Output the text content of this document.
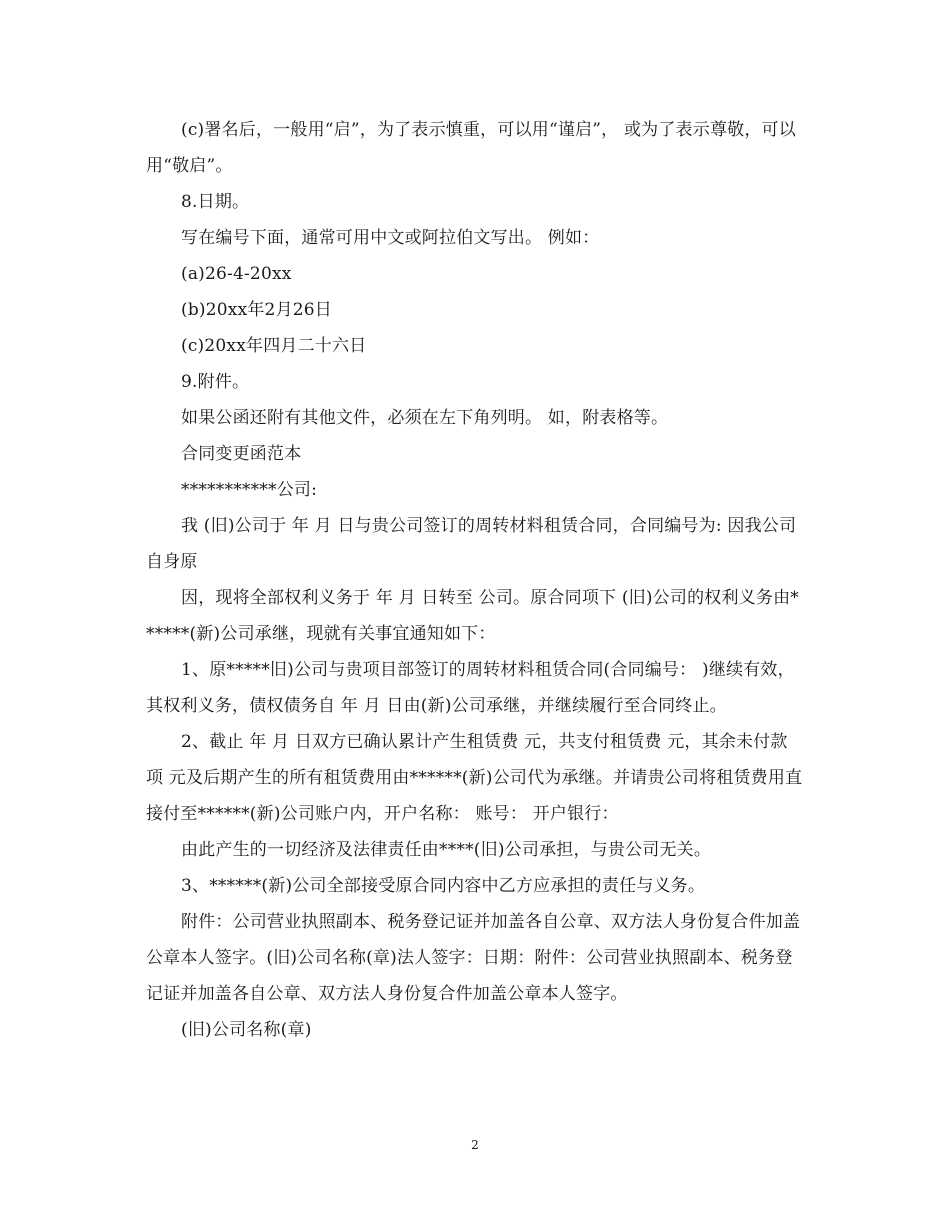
(c)署名后，一般用“启”，为了表示慎重，可以用“谨启”， 或为了表示尊敬，可以用“敬启”。

8.日期。

写在编号下面，通常可用中文或阿拉伯文写出。 例如：

(a)26-4-20xx

(b)20xx年2月26日

(c)20xx年四月二十六日

9.附件。

如果公函还附有其他文件，必须在左下角列明。 如，附表格等。

合同变更函范本

***********公司:

我 (旧)公司于 年 月 日与贵公司签订的周转材料租赁合同，合同编号为: 因我公司自身原

因，现将全部权利义务于 年 月 日转至 公司。原合同项下 (旧)公司的权利义务由******(新)公司承继，现就有关事宜通知如下：

1、原*****旧)公司与贵项目部签订的周转材料租赁合同(合同编号： )继续有效，其权利义务，债权债务自 年 月 日由(新)公司承继，并继续履行至合同终止。

2、截止 年 月 日双方已确认累计产生租赁费 元，共支付租赁费 元，其余未付款项 元及后期产生的所有租赁费用由******(新)公司代为承继。并请贵公司将租赁费用直接付至******(新)公司账户内，开户名称： 账号： 开户银行：

由此产生的一切经济及法律责任由****(旧)公司承担，与贵公司无关。

3、******(新)公司全部接受原合同内容中乙方应承担的责任与义务。

附件：公司营业执照副本、税务登记证并加盖各自公章、双方法人身份复合件加盖公章本人签字。(旧)公司名称(章)法人签字：日期：附件：公司营业执照副本、税务登记证并加盖各自公章、双方法人身份复合件加盖公章本人签字。

(旧)公司名称(章)

2
